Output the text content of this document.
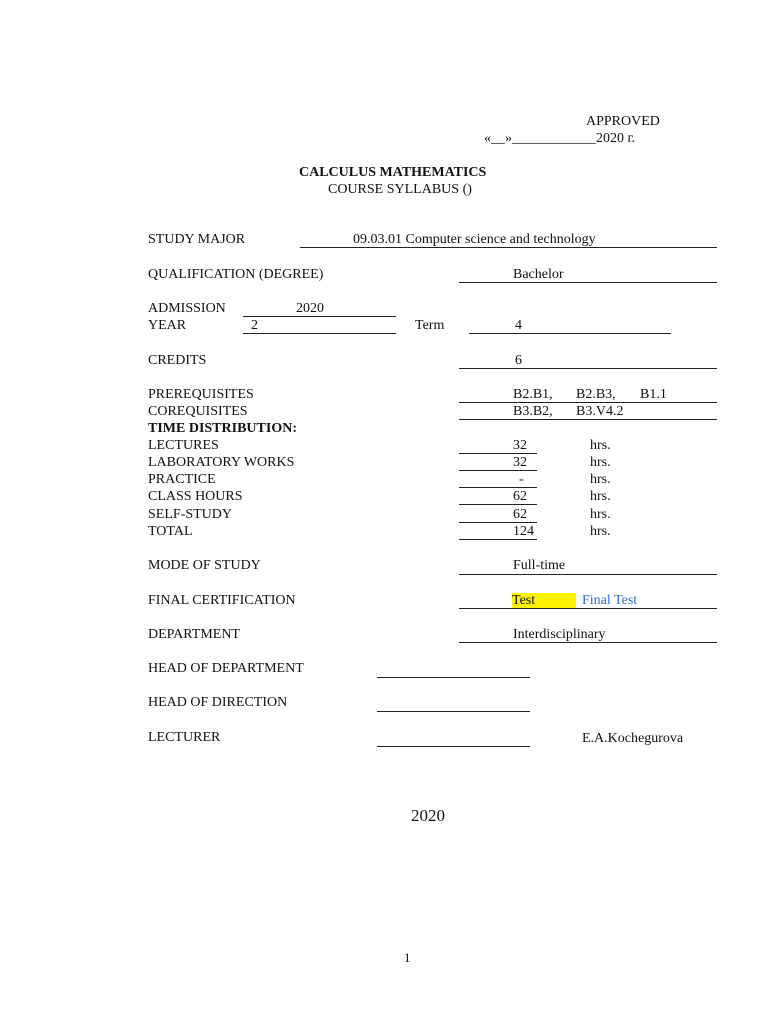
APPROVED
«__»____________2020 г.
CALCULUS MATHEMATICS
COURSE SYLLABUS ()
STUDY MAJOR	09.03.01 Computer science and technology
QUALIFICATION (DEGREE)	Bachelor
ADMISSION	2020
YEAR	2	Term	4
CREDITS	6
PREREQUISITES	B2.B1, B2.B3, B1.1
COREQUISITES	B3.B2, B3.V4.2
TIME DISTRIBUTION:
LECTURES	32	hrs.
LABORATORY WORKS	32	hrs.
PRACTICE	-	hrs.
CLASS HOURS	62	hrs.
SELF-STUDY	62	hrs.
TOTAL	124	hrs.
MODE OF STUDY	Full-time
FINAL CERTIFICATION	Test	Final Test
DEPARTMENT	Interdisciplinary
HEAD OF DEPARTMENT
HEAD OF DIRECTION
LECTURER	E.A.Kochegurova
2020
1
